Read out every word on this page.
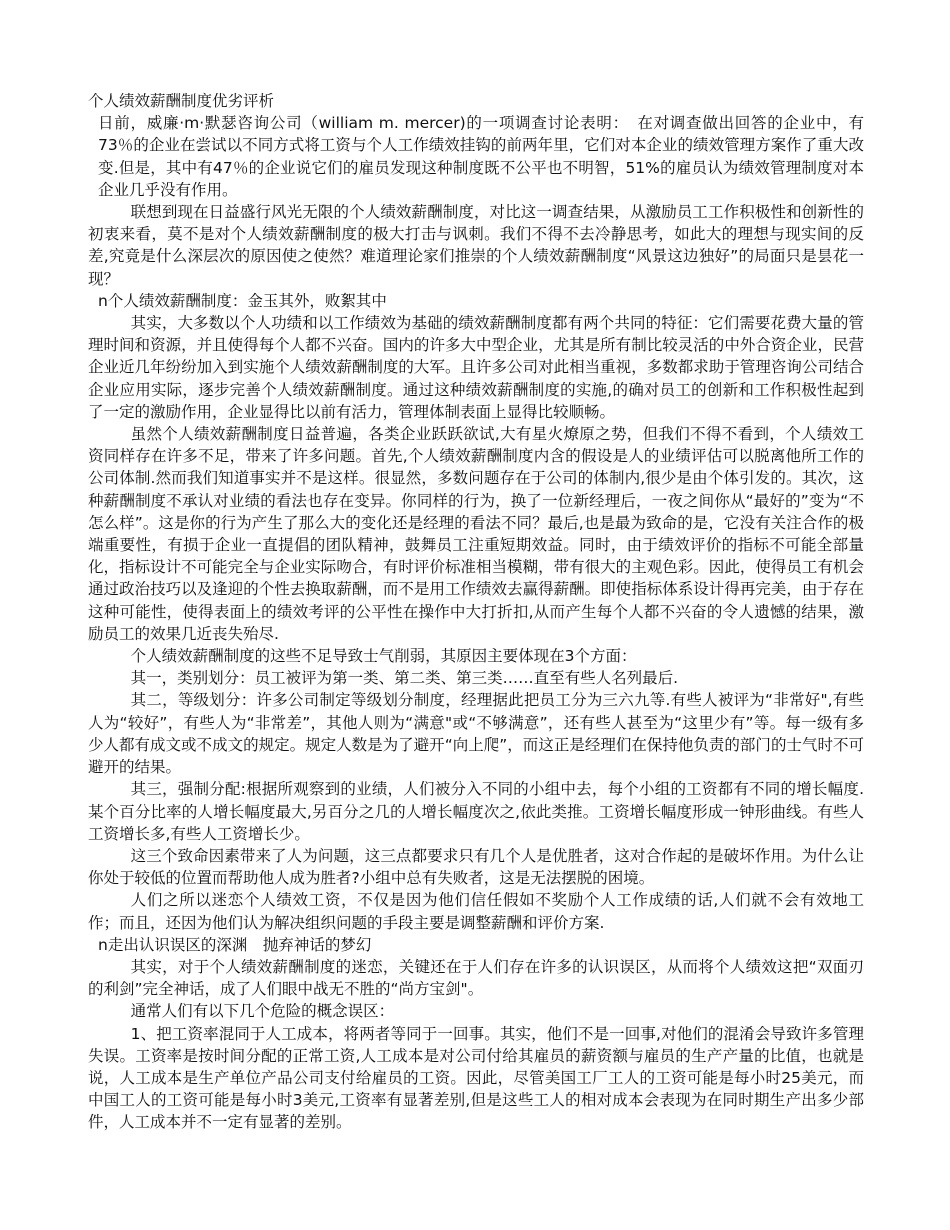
个人绩效薪酬制度优劣评析

日前，威廉·m·默瑟咨询公司（william m. mercer)的一项调查讨论表明：　在对调查做出回答的企业中，有73％的企业在尝试以不同方式将工资与个人工作绩效挂钩的前两年里，它们对本企业的绩效管理方案作了重大改变.但是，其中有47％的企业说它们的雇员发现这种制度既不公平也不明智，51%的雇员认为绩效管理制度对本企业几乎没有作用。

联想到现在日益盛行风光无限的个人绩效薪酬制度，对比这一调查结果，从激励员工工作积极性和创新性的初衷来看，莫不是对个人绩效薪酬制度的极大打击与讽刺。我们不得不去冷静思考，如此大的理想与现实间的反差,究竟是什么深层次的原因使之使然？难道理论家们推崇的个人绩效薪酬制度“风景这边独好”的局面只是昙花一现？

n个人绩效薪酬制度：金玉其外，败絮其中

其实，大多数以个人功绩和以工作绩效为基础的绩效薪酬制度都有两个共同的特征：它们需要花费大量的管理时间和资源，并且使得每个人都不兴奋。国内的许多大中型企业，尤其是所有制比较灵活的中外合资企业，民营企业近几年纷纷加入到实施个人绩效薪酬制度的大军。且许多公司对此相当重视，多数都求助于管理咨询公司结合企业应用实际，逐步完善个人绩效薪酬制度。通过这种绩效薪酬制度的实施,的确对员工的创新和工作积极性起到了一定的激励作用，企业显得比以前有活力，管理体制表面上显得比较顺畅。

虽然个人绩效薪酬制度日益普遍，各类企业跃跃欲试,大有星火燎原之势，但我们不得不看到，个人绩效工资同样存在许多不足，带来了许多问题。首先,个人绩效薪酬制度内含的假设是人的业绩评估可以脱离他所工作的公司体制.然而我们知道事实并不是这样。很显然，多数问题存在于公司的体制内,很少是由个体引发的。其次，这种薪酬制度不承认对业绩的看法也存在变异。你同样的行为，换了一位新经理后，一夜之间你从“最好的”变为“不怎么样”。这是你的行为产生了那么大的变化还是经理的看法不同？最后,也是最为致命的是，它没有关注合作的极端重要性，有损于企业一直提倡的团队精神，鼓舞员工注重短期效益。同时，由于绩效评价的指标不可能全部量化，指标设计不可能完全与企业实际吻合，有时评价标准相当模糊，带有很大的主观色彩。因此，使得员工有机会通过政治技巧以及逢迎的个性去换取薪酬，而不是用工作绩效去赢得薪酬。即使指标体系设计得再完美，由于存在这种可能性，使得表面上的绩效考评的公平性在操作中大打折扣,从而产生每个人都不兴奋的令人遗憾的结果，激励员工的效果几近丧失殆尽.

个人绩效薪酬制度的这些不足导致士气削弱，其原因主要体现在3个方面：

其一，类别划分：员工被评为第一类、第二类、第三类……直至有些人名列最后.

其二，等级划分：许多公司制定等级划分制度，经理据此把员工分为三六九等.有些人被评为“非常好",有些人为“较好”，有些人为“非常差”，其他人则为“满意"或“不够满意”，还有些人甚至为“这里少有”等。每一级有多少人都有成文或不成文的规定。规定人数是为了避开“向上爬”，而这正是经理们在保持他负责的部门的士气时不可避开的结果。

其三，强制分配:根据所观察到的业绩，人们被分入不同的小组中去，每个小组的工资都有不同的增长幅度.某个百分比率的人增长幅度最大,另百分之几的人增长幅度次之,依此类推。工资增长幅度形成一钟形曲线。有些人工资增长多,有些人工资增长少。

这三个致命因素带来了人为问题，这三点都要求只有几个人是优胜者，这对合作起的是破坏作用。为什么让你处于较低的位置而帮助他人成为胜者?小组中总有失败者，这是无法摆脱的困境。

人们之所以迷恋个人绩效工资，不仅是因为他们信任假如不奖励个人工作成绩的话,人们就不会有效地工作；而且，还因为他们认为解决组织问题的手段主要是调整薪酬和评价方案.

n走出认识误区的深渊　抛弃神话的梦幻

其实，对于个人绩效薪酬制度的迷恋，关键还在于人们存在许多的认识误区，从而将个人绩效这把“双面刃的利剑”完全神话，成了人们眼中战无不胜的“尚方宝剑"。

通常人们有以下几个危险的概念误区：

1、把工资率混同于人工成本，将两者等同于一回事。其实，他们不是一回事,对他们的混淆会导致许多管理失误。工资率是按时间分配的正常工资,人工成本是对公司付给其雇员的薪资额与雇员的生产产量的比值，也就是说，人工成本是生产单位产品公司支付给雇员的工资。因此，尽管美国工厂工人的工资可能是每小时25美元，而中国工人的工资可能是每小时3美元,工资率有显著差别,但是这些工人的相对成本会表现为在同时期生产出多少部件，人工成本并不一定有显著的差别。
